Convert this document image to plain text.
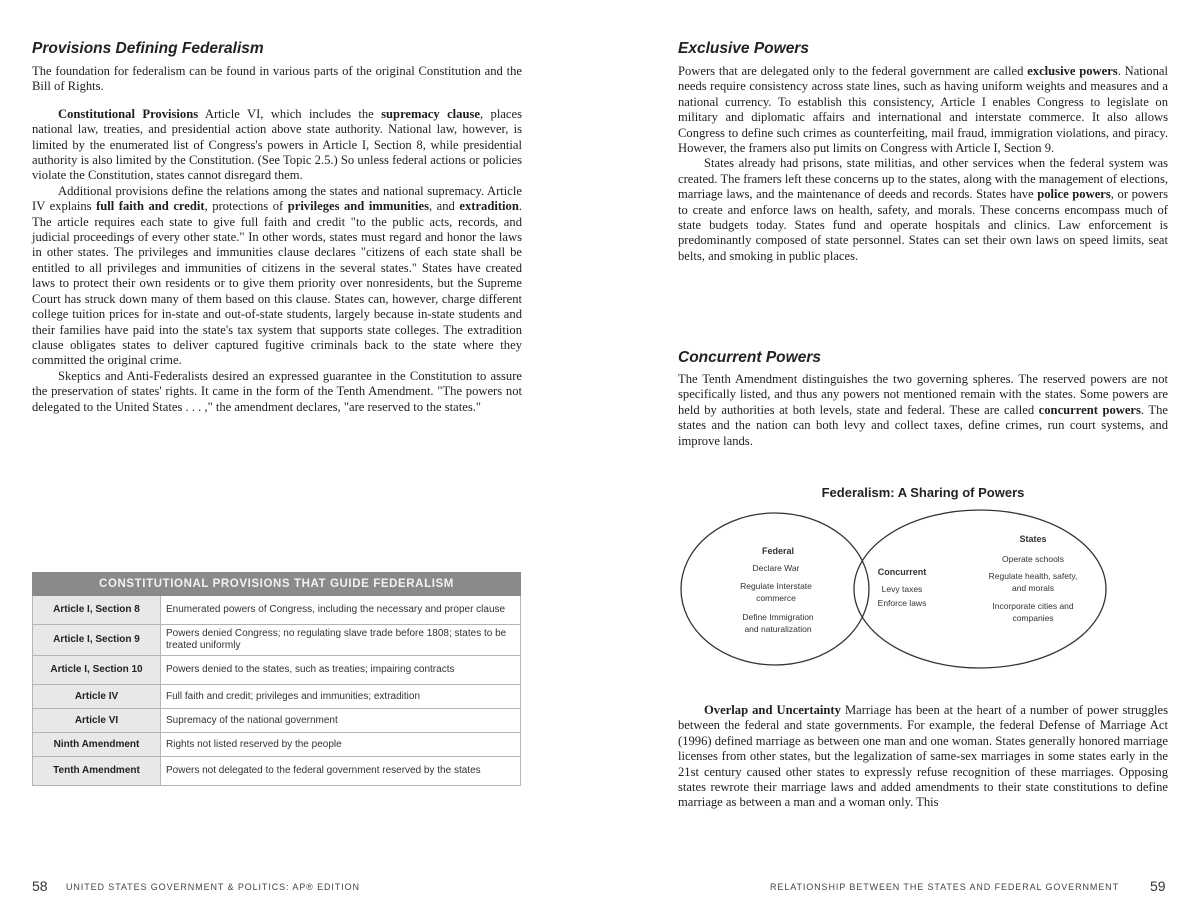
Provisions Defining Federalism

The foundation for federalism can be found in various parts of the original Constitution and the Bill of Rights.

Constitutional Provisions Article VI, which includes the supremacy clause, places national law, treaties, and presidential action above state authority. National law, however, is limited by the enumerated list of Congress's powers in Article I, Section 8, while presidential authority is also limited by the Constitution. (See Topic 2.5.) So unless federal actions or policies violate the Constitution, states cannot disregard them.

Additional provisions define the relations among the states and national supremacy. Article IV explains full faith and credit, protections of privileges and immunities, and extradition. The article requires each state to give full faith and credit "to the public acts, records, and judicial proceedings of every other state." In other words, states must regard and honor the laws in other states. The privileges and immunities clause declares "citizens of each state shall be entitled to all privileges and immunities of citizens in the several states." States have created laws to protect their own residents or to give them priority over nonresidents, but the Supreme Court has struck down many of them based on this clause. States can, however, charge different college tuition prices for in-state and out-of-state students, largely because in-state students and their families have paid into the state's tax system that supports state colleges. The extradition clause obligates states to deliver captured fugitive criminals back to the state where they committed the original crime.

Skeptics and Anti-Federalists desired an expressed guarantee in the Constitution to assure the preservation of states' rights. It came in the form of the Tenth Amendment. "The powers not delegated to the United States . . . ," the amendment declares, "are reserved to the states."

CONSTITUTIONAL PROVISIONS THAT GUIDE FEDERALISM	
Article I, Section 8	Enumerated powers of Congress, including the necessary and proper clause
Article I, Section 9	Powers denied Congress; no regulating slave trade before 1808; states to be treated uniformly
Article I, Section 10	Powers denied to the states, such as treaties; impairing contracts
Article IV	Full faith and credit; privileges and immunities; extradition
Article VI	Supremacy of the national government
Ninth Amendment	Rights not listed reserved by the people
Tenth Amendment	Powers not delegated to the federal government reserved by the states
58 UNITED STATES GOVERNMENT & POLITICS: AP® EDITION
Exclusive Powers

Powers that are delegated only to the federal government are called exclusive powers. National needs require consistency across state lines, such as having uniform weights and measures and a national currency. To establish this consistency, Article I enables Congress to legislate on military and diplomatic affairs and international and interstate commerce. It also allows Congress to define such crimes as counterfeiting, mail fraud, immigration violations, and piracy. However, the framers also put limits on Congress with Article I, Section 9.

States already had prisons, state militias, and other services when the federal system was created. The framers left these concerns up to the states, along with the management of elections, marriage laws, and the maintenance of deeds and records. States have police powers, or powers to create and enforce laws on health, safety, and morals. These concerns encompass much of state budgets today. States fund and operate hospitals and clinics. Law enforcement is predominantly composed of state personnel. States can set their own laws on speed limits, seat belts, and smoking in public places.

Concurrent Powers

The Tenth Amendment distinguishes the two governing spheres. The reserved powers are not specifically listed, and thus any powers not mentioned remain with the states. Some powers are held by authorities at both levels, state and federal. These are called concurrent powers. The states and the nation can both levy and collect taxes, define crimes, run court systems, and improve lands.

Federalism: A Sharing of Powers
Federal
Declare War
Regulate Interstate
commerce
Define Immigration
and naturalization
Concurrent
Levy taxes
Enforce laws
States
Operate schools
Regulate health, safety,
and morals
Incorporate cities and
companies

Overlap and Uncertainty Marriage has been at the heart of a number of power struggles between the federal and state governments. For example, the federal Defense of Marriage Act (1996) defined marriage as between one man and one woman. States generally honored marriage licenses from other states, but the legalization of same-sex marriages in some states early in the 21st century caused other states to expressly refuse recognition of these marriages. Opposing states rewrote their marriage laws and added amendments to their state constitutions to define marriage as between a man and a woman only. This

RELATIONSHIP BETWEEN THE STATES AND FEDERAL GOVERNMENT 59
